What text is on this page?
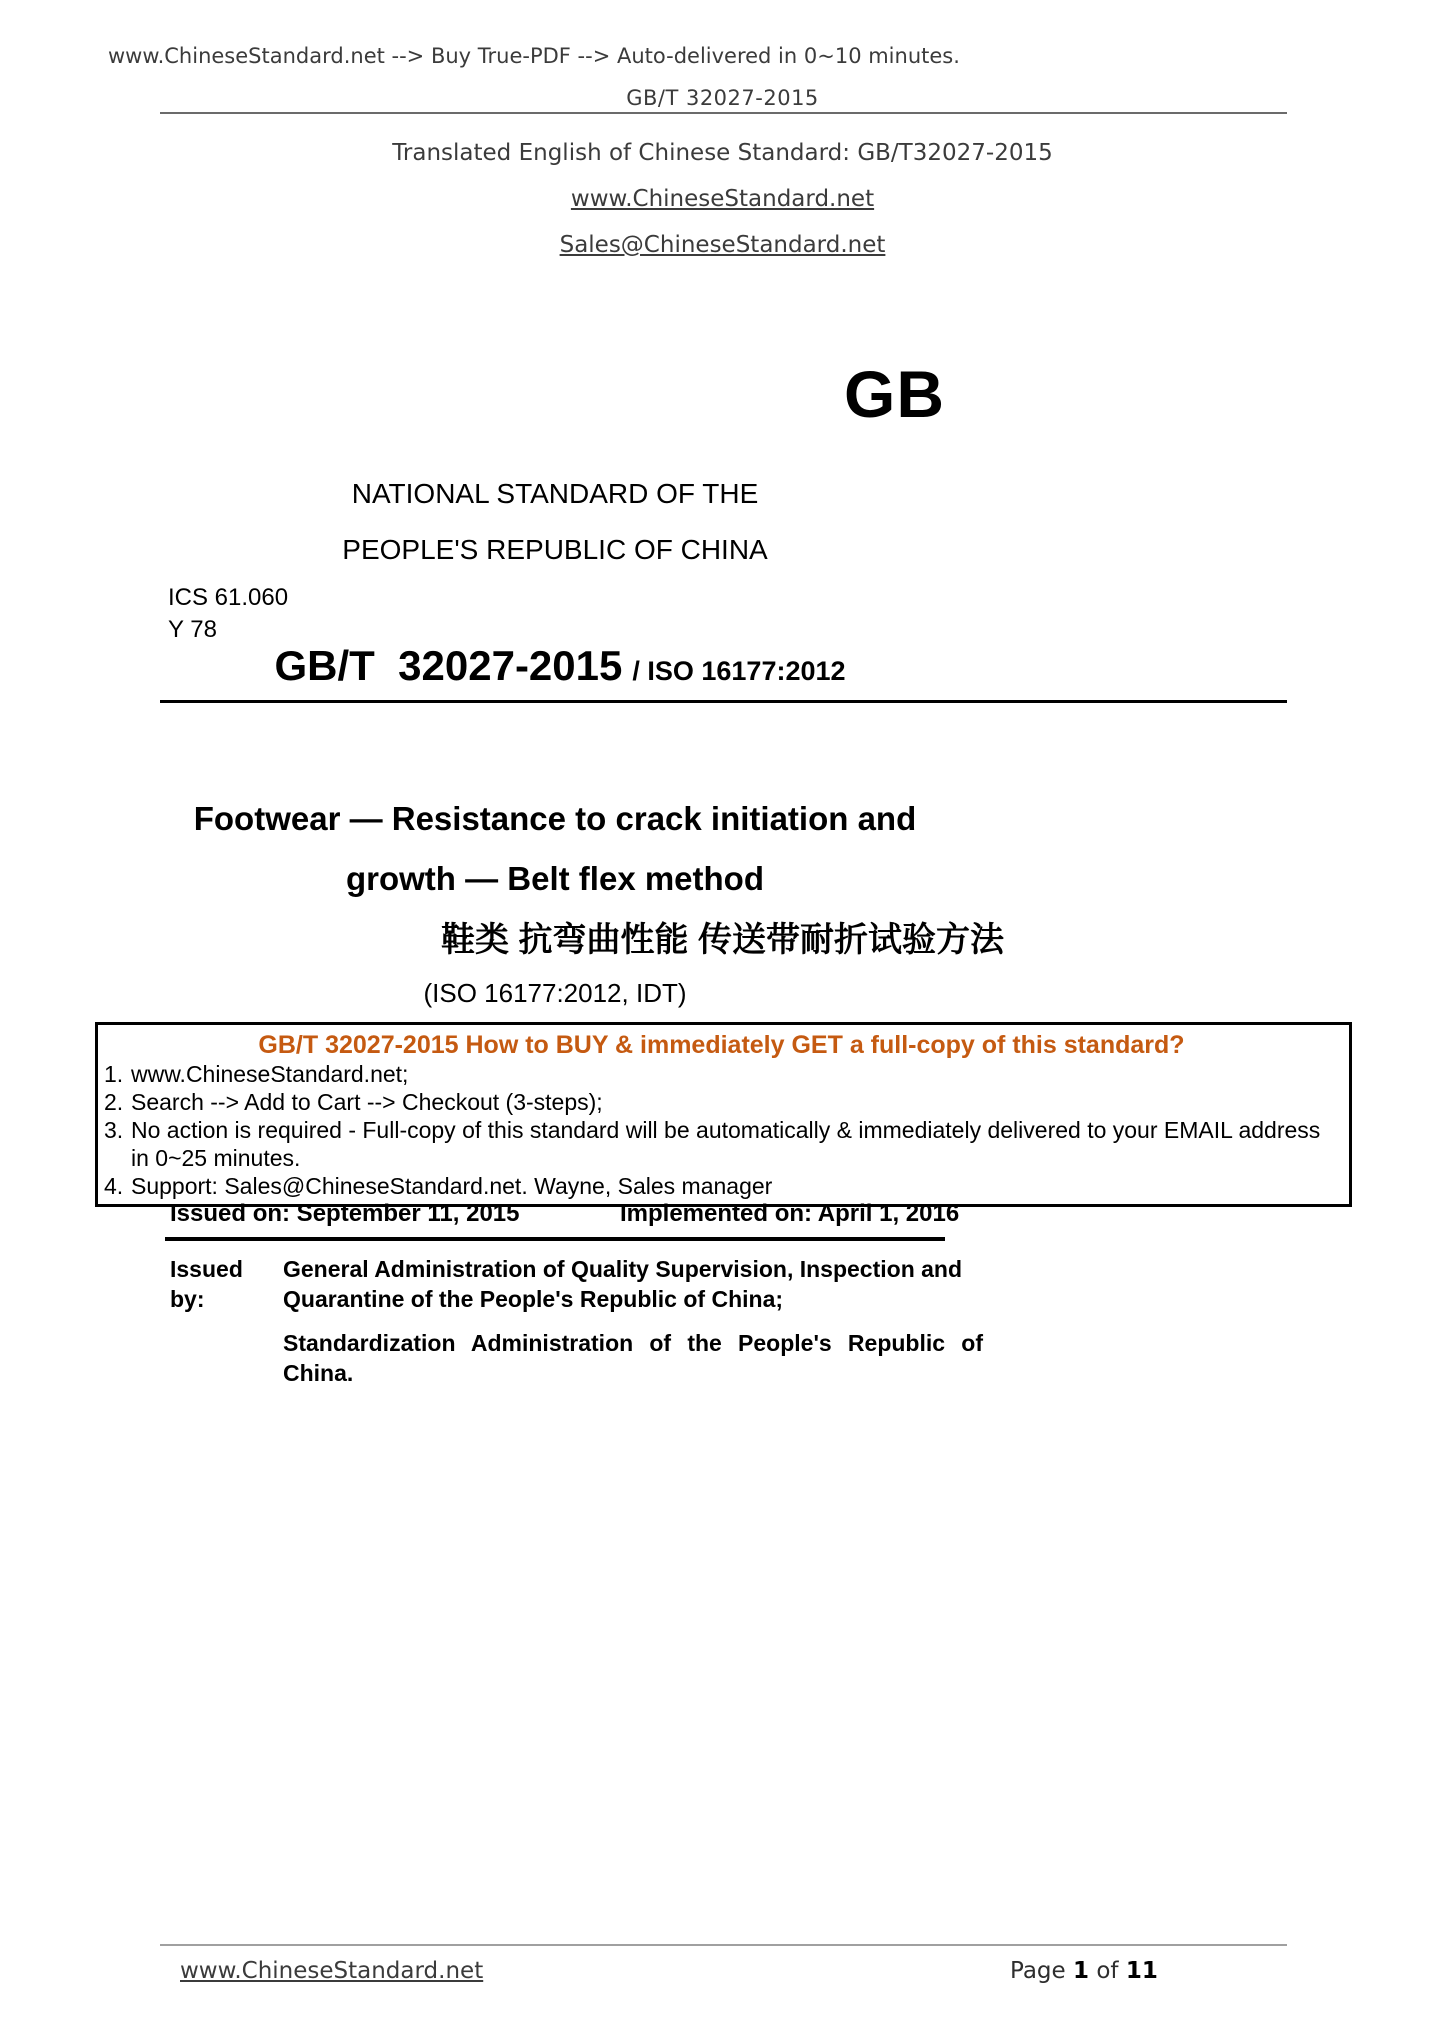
www.ChineseStandard.net --> Buy True-PDF --> Auto-delivered in 0~10 minutes.
GB/T 32027-2015
Translated English of Chinese Standard: GB/T32027-2015
www.ChineseStandard.net
Sales@ChineseStandard.net
GB
NATIONAL STANDARD OF THE
PEOPLE'S REPUBLIC OF CHINA
ICS 61.060
Y 78
GB/T  32027-2015 / ISO 16177:2012
Footwear — Resistance to crack initiation and
growth — Belt flex method
鞋类 抗弯曲性能 传送带耐折试验方法
(ISO 16177:2012, IDT)
GB/T 32027-2015 How to BUY & immediately GET a full-copy of this standard?
1. www.ChineseStandard.net;
2. Search --> Add to Cart --> Checkout (3-steps);
3. No action is required - Full-copy of this standard will be automatically & immediately delivered to your EMAIL address in 0~25 minutes.
4. Support: Sales@ChineseStandard.net. Wayne, Sales manager
Issued on: September 11, 2015	Implemented on: April 1, 2016
Issued by:
General Administration of Quality Supervision, Inspection and
Quarantine of the People's Republic of China;
Standardization Administration of the People's Republic of
China.
www.ChineseStandard.net	Page 1 of 11
